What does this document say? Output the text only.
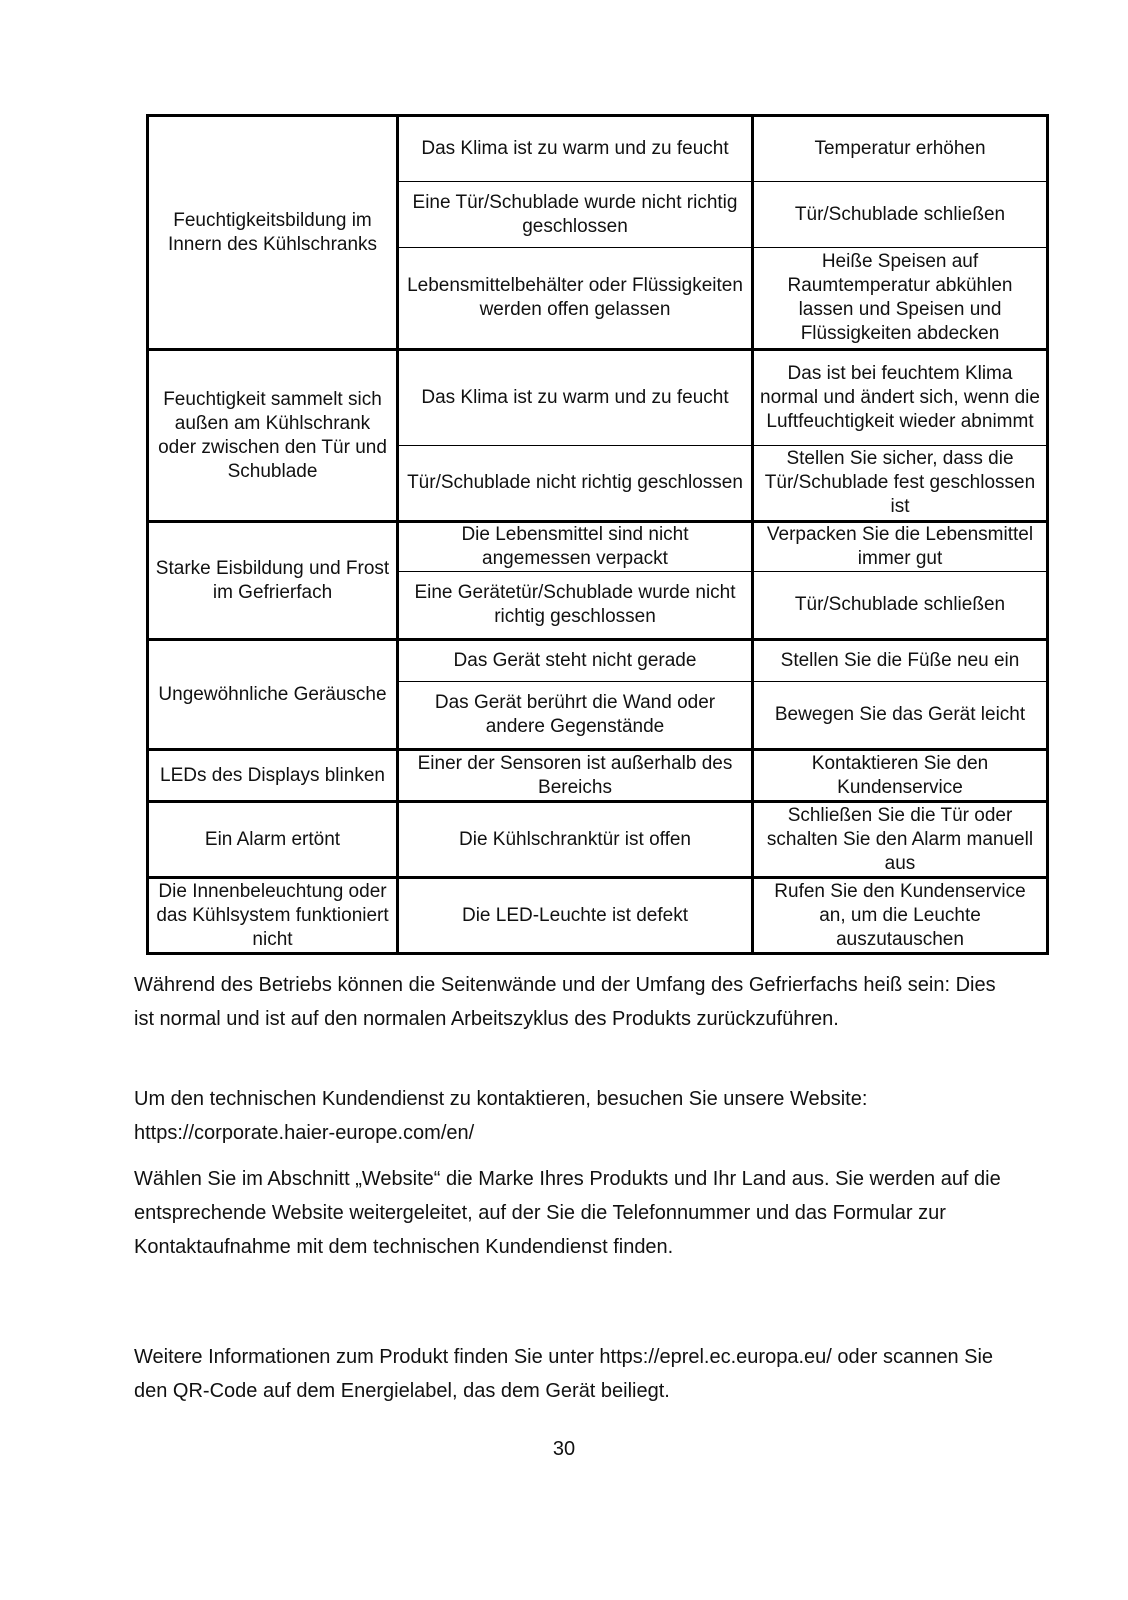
Feuchtigkeitsbildung im Innern des Kühlschranks	Das Klima ist zu warm und zu feucht	Temperatur erhöhen
	Eine Tür/Schublade wurde nicht richtig geschlossen	Tür/Schublade schließen
	Lebensmittelbehälter oder Flüssigkeiten werden offen gelassen	Heiße Speisen auf Raumtemperatur abkühlen lassen und Speisen und Flüssigkeiten abdecken
Feuchtigkeit sammelt sich außen am Kühlschrank oder zwischen den Tür und Schublade	Das Klima ist zu warm und zu feucht	Das ist bei feuchtem Klima normal und ändert sich, wenn die Luftfeuchtigkeit wieder abnimmt
	Tür/Schublade nicht richtig geschlossen	Stellen Sie sicher, dass die Tür/Schublade fest geschlossen ist
Starke Eisbildung und Frost im Gefrierfach	Die Lebensmittel sind nicht angemessen verpackt	Verpacken Sie die Lebensmittel immer gut
	Eine Gerätetür/Schublade wurde nicht richtig geschlossen	Tür/Schublade schließen
Ungewöhnliche Geräusche	Das Gerät steht nicht gerade	Stellen Sie die Füße neu ein
	Das Gerät berührt die Wand oder andere Gegenstände	Bewegen Sie das Gerät leicht
LEDs des Displays blinken	Einer der Sensoren ist außerhalb des Bereichs	Kontaktieren Sie den Kundenservice
Ein Alarm ertönt	Die Kühlschranktür ist offen	Schließen Sie die Tür oder schalten Sie den Alarm manuell aus
Die Innenbeleuchtung oder das Kühlsystem funktioniert nicht	Die LED-Leuchte ist defekt	Rufen Sie den Kundenservice an, um die Leuchte auszutauschen

Während des Betriebs können die Seitenwände und der Umfang des Gefrierfachs heiß sein: Dies ist normal und ist auf den normalen Arbeitszyklus des Produkts zurückzuführen.

Um den technischen Kundendienst zu kontaktieren, besuchen Sie unsere Website: https://corporate.haier-europe.com/en/

Wählen Sie im Abschnitt „Website“ die Marke Ihres Produkts und Ihr Land aus. Sie werden auf die entsprechende Website weitergeleitet, auf der Sie die Telefonnummer und das Formular zur Kontaktaufnahme mit dem technischen Kundendienst finden.

Weitere Informationen zum Produkt finden Sie unter https://eprel.ec.europa.eu/ oder scannen Sie den QR-Code auf dem Energielabel, das dem Gerät beiliegt.

30
